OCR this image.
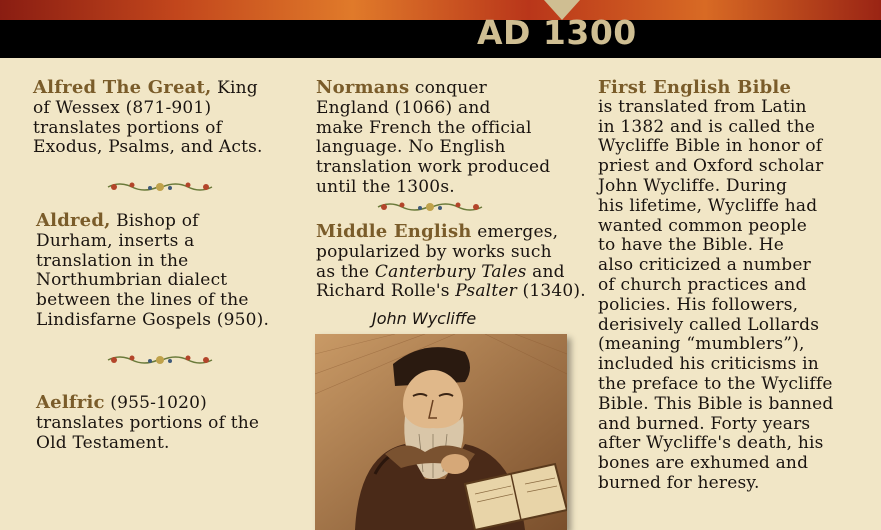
AD 1300

Alfred The Great, King

of Wessex (871-901)

translates portions of

Exodus, Psalms, and Acts.

Aldred, Bishop of

Durham, inserts a

translation in the

Northumbrian dialect

between the lines of the

Lindisfarne Gospels (950).

Aelfric (955-1020)

translates portions of the

Old Testament.

Normans conquer

England (1066) and

make French the official

language. No English

translation work produced

until the 1300s.

Middle English emerges,

popularized by works such

as the Canterbury Tales and

Richard Rolle's Psalter (1340).

John Wycliffe

First English Bible

is translated from Latin

in 1382 and is called the

Wycliffe Bible in honor of

priest and Oxford scholar

John Wycliffe. During

his lifetime, Wycliffe had

wanted common people

to have the Bible. He

also criticized a number

of church practices and

policies. His followers,

derisively called Lollards

(meaning “mumblers”),

included his criticisms in

the preface to the Wycliffe

Bible. This Bible is banned

and burned. Forty years

after Wycliffe's death, his

bones are exhumed and

burned for heresy.
